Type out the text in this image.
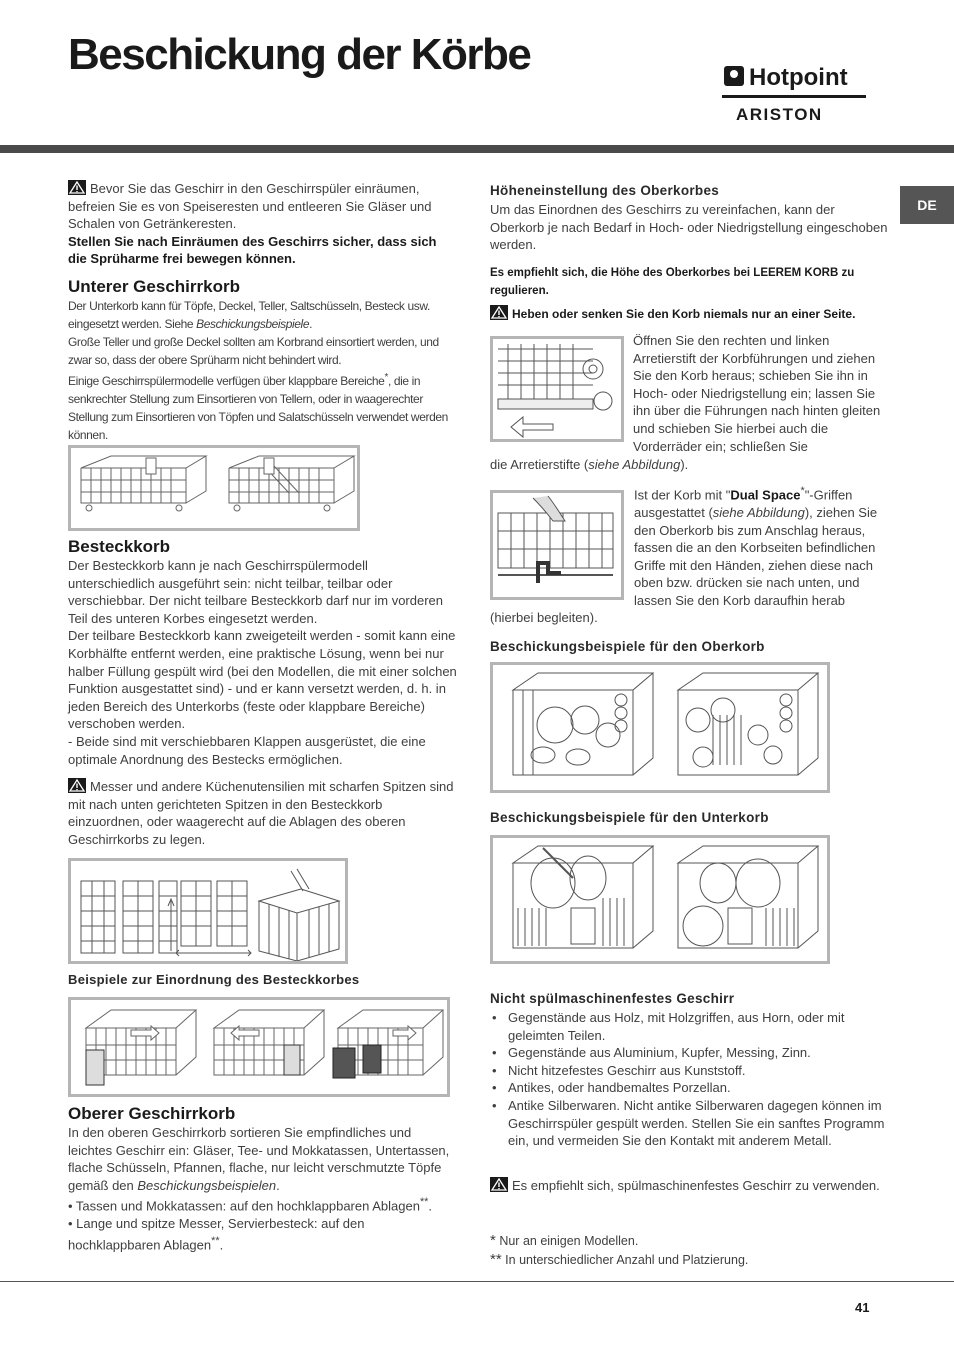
Beschickung der Körbe	Hotpoint
ARISTON
DE

Bevor Sie das Geschirr in den Geschirrspüler einräumen, befreien Sie es von Speiseresten und entleeren Sie Gläser und Schalen von Getränkeresten.

Stellen Sie nach Einräumen des Geschirrs sicher, dass sich die Sprüharme frei bewegen können.

Unterer Geschirrkorb

Der Unterkorb kann für Töpfe, Deckel, Teller, Saltschüsseln, Besteck usw. eingesetzt werden. Siehe Beschickungsbeispiele.

Große Teller und große Deckel sollten am Korbrand einsortiert werden, und zwar so, dass der obere Sprüharm nicht behindert wird.

Einige Geschirrspülermodelle verfügen über klappbare Bereiche*, die in senkrechter Stellung zum Einsortieren von Tellern, oder in waagerechter Stellung zum Einsortieren von Töpfen und Salatschüsseln verwendet werden können.

Besteckkorb

Der Besteckkorb kann je nach Geschirrspülermodell unterschiedlich ausgeführt sein: nicht teilbar, teilbar oder verschiebbar. Der nicht teilbare Besteckkorb darf nur im vorderen Teil des unteren Korbes eingesetzt werden.

Der teilbare Besteckkorb kann zweigeteilt werden - somit kann eine Korbhälfte entfernt werden, eine praktische Lösung, wenn bei nur halber Füllung gespült wird (bei den Modellen, die mit einer solchen Funktion ausgestattet sind) - und er kann versetzt werden, d. h. in jeden Bereich des Unterkorbs (feste oder klappbare Bereiche) verschoben werden.

- Beide sind mit verschiebbaren Klappen ausgerüstet, die eine optimale Anordnung des Bestecks ermöglichen.

Messer und andere Küchenutensilien mit scharfen Spitzen sind mit nach unten gerichteten Spitzen in den Besteckkorb einzuordnen, oder waagerecht auf die Ablagen des oberen Geschirrkorbs zu legen.

Beispiele zur Einordnung des Besteckkorbes

Oberer Geschirrkorb

In den oberen Geschirrkorb sortieren Sie empfindliches und leichtes Geschirr ein: Gläser, Tee- und Mokkatassen, Untertassen, flache Schüsseln, Pfannen, flache, nur leicht verschmutzte Töpfe gemäß den Beschickungsbeispielen.

• Tassen und Mokkatassen: auf den hochklappbaren Ablagen**.

• Lange und spitze Messer, Servierbesteck: auf den hochklappbaren Ablagen**.

Höheneinstellung des Oberkorbes

Um das Einordnen des Geschirrs zu vereinfachen, kann der Oberkorb je nach Bedarf in Hoch- oder Niedrigstellung eingeschoben werden.

Es empfiehlt sich, die Höhe des Oberkorbes bei LEEREM KORB zu regulieren.
Heben oder senken Sie den Korb niemals nur an einer Seite.
Öffnen Sie den rechten und linken Arretierstift der Korbführungen und ziehen Sie den Korb heraus; schieben Sie ihn in Hoch- oder Niedrigstellung ein; lassen Sie ihn über die Führungen nach hinten gleiten und schieben Sie hierbei auch die Vorderräder ein; schließen Sie

die Arretierstifte (siehe Abbildung).

Ist der Korb mit "Dual Space*"-Griffen ausgestattet (siehe Abbildung), ziehen Sie den Oberkorb bis zum Anschlag heraus, fassen die an den Korbseiten befindlichen Griffe mit den Händen, ziehen diese nach oben bzw. drücken sie nach unten, und lassen Sie den Korb daraufhin herab

(hierbei begleiten).

Beschickungsbeispiele für den Oberkorb

Beschickungsbeispiele für den Unterkorb

Nicht spülmaschinenfestes Geschirr

• Gegenstände aus Holz, mit Holzgriffen, aus Horn, oder mit geleimten Teilen.
• Gegenstände aus Aluminium, Kupfer, Messing, Zinn.
• Nicht hitzefestes Geschirr aus Kunststoff.
• Antikes, oder handbemaltes Porzellan.
• Antike Silberwaren. Nicht antike Silberwaren dagegen können im Geschirrspüler gespült werden. Stellen Sie ein sanftes Programm ein, und vermeiden Sie den Kontakt mit anderem Metall.

Es empfiehlt sich, spülmaschinenfestes Geschirr zu verwenden.

* Nur an einigen Modellen.

** In unterschiedlicher Anzahl und Platzierung.

41
